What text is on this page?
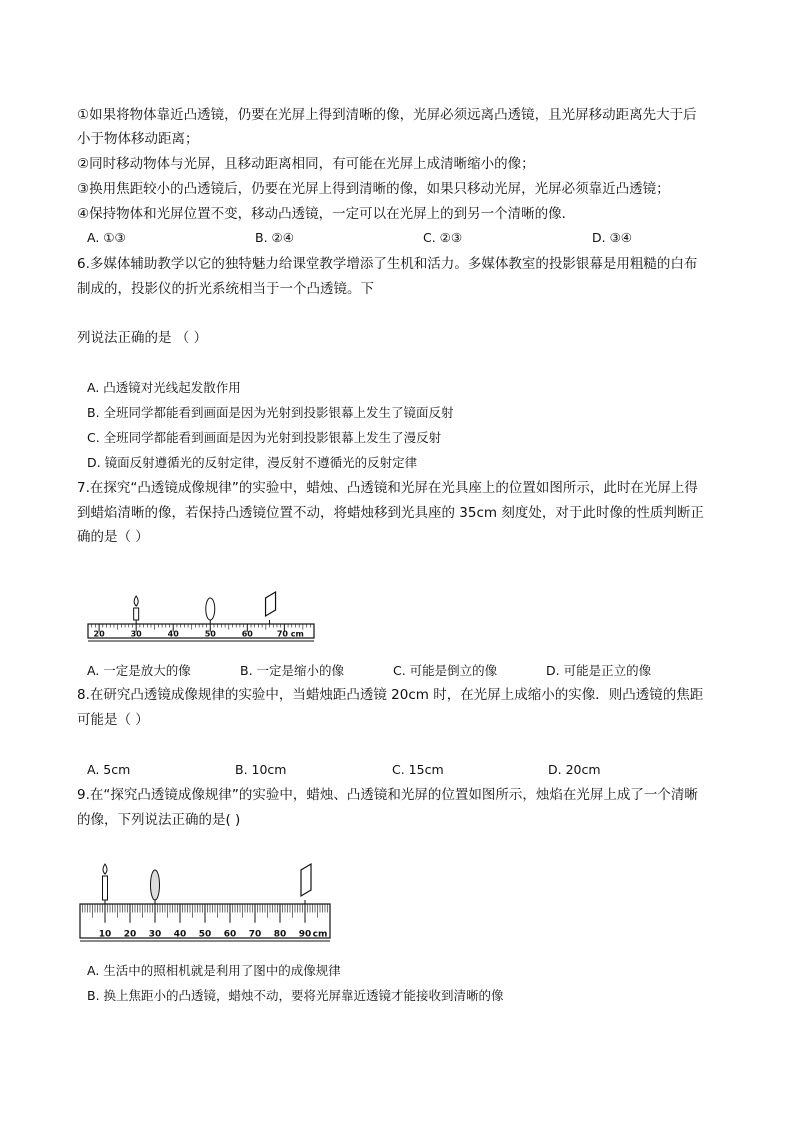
①如果将物体靠近凸透镜，仍要在光屏上得到清晰的像，光屏必须远离凸透镜，且光屏移动距离先大于后
小于物体移动距离；
②同时移动物体与光屏，且移动距离相同，有可能在光屏上成清晰缩小的像；
③换用焦距较小的凸透镜后，仍要在光屏上得到清晰的像，如果只移动光屏，光屏必须靠近凸透镜；
④保持物体和光屏位置不变，移动凸透镜，一定可以在光屏上的到另一个清晰的像．
A. ①③	B. ②④	C. ②③	D. ③④
6.多媒体辅助教学以它的独特魅力给课堂教学增添了生机和活力。多媒体教室的投影银幕是用粗糙的白布
制成的，投影仪的折光系统相当于一个凸透镜。下
列说法正确的是 （ ）
A. 凸透镜对光线起发散作用
B. 全班同学都能看到画面是因为光射到投影银幕上发生了镜面反射
C. 全班同学都能看到画面是因为光射到投影银幕上发生了漫反射
D. 镜面反射遵循光的反射定律，漫反射不遵循光的反射定律
7.在探究“凸透镜成像规律”的实验中，蜡烛、凸透镜和光屏在光具座上的位置如图所示，此时在光屏上得
到蜡焰清晰的像，若保持凸透镜位置不动，将蜡烛移到光具座的 35cm 刻度处，对于此时像的性质判断正
确的是（ ）
20	30	40	50	60	70 cm
A. 一定是放大的像	B. 一定是缩小的像	C. 可能是倒立的像	D. 可能是正立的像
8.在研究凸透镜成像规律的实验中，当蜡烛距凸透镜 20cm 时，在光屏上成缩小的实像．则凸透镜的焦距
可能是（ ）
A. 5cm	B. 10cm	C. 15cm	D. 20cm
9.在“探究凸透镜成像规律”的实验中，蜡烛、凸透镜和光屏的位置如图所示，烛焰在光屏上成了一个清晰
的像，下列说法正确的是( )
10 20 30 40 50 60 70 80 90 cm
A. 生活中的照相机就是利用了图中的成像规律
B. 换上焦距小的凸透镜，蜡烛不动，要将光屏靠近透镜才能接收到清晰的像
